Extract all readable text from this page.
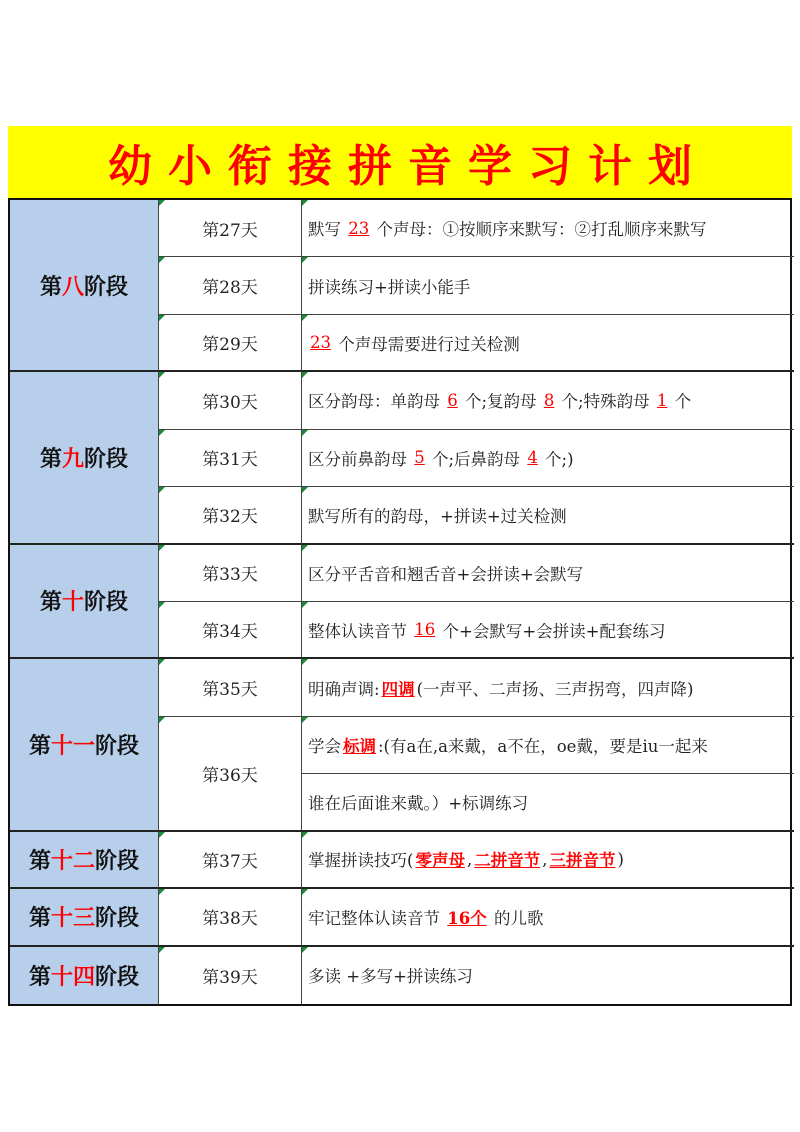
幼小衔接拼音学习计划
第 八 阶段
第27天	默写 23 个声母：①按顺序来默写：②打乱顺序来默写
第28天	拼读练习+拼读小能手
第29天	23 个声母需要进行过关检测
第 九 阶段
第30天	区分韵母：单韵母 6 个;复韵母 8 个;特殊韵母 1 个
第31天	区分前鼻韵母 5 个;后鼻韵母 4 个;)
第32天	默写所有的韵母，+拼读+过关检测
第 十 阶段
第33天	区分平舌音和翘舌音+会拼读+会默写
第34天	整体认读音节 16 个+会默写+会拼读+配套练习
第 十一 阶段
第35天	明确声调: 四调 (一声平、二声扬、三声拐弯，四声降)
第36天
学会 标调 :(有a在,a来戴，a不在，oe戴，要是iu一起来
谁在后面谁来戴。）+标调练习
第 十二 阶段	第37天	掌握拼读技巧( 零声母 , 二拼音节 , 三拼音节 )
第 十三 阶段	第38天	牢记整体认读音节 16个 的儿歌
第 十四 阶段	第39天	多读 +多写+拼读练习
